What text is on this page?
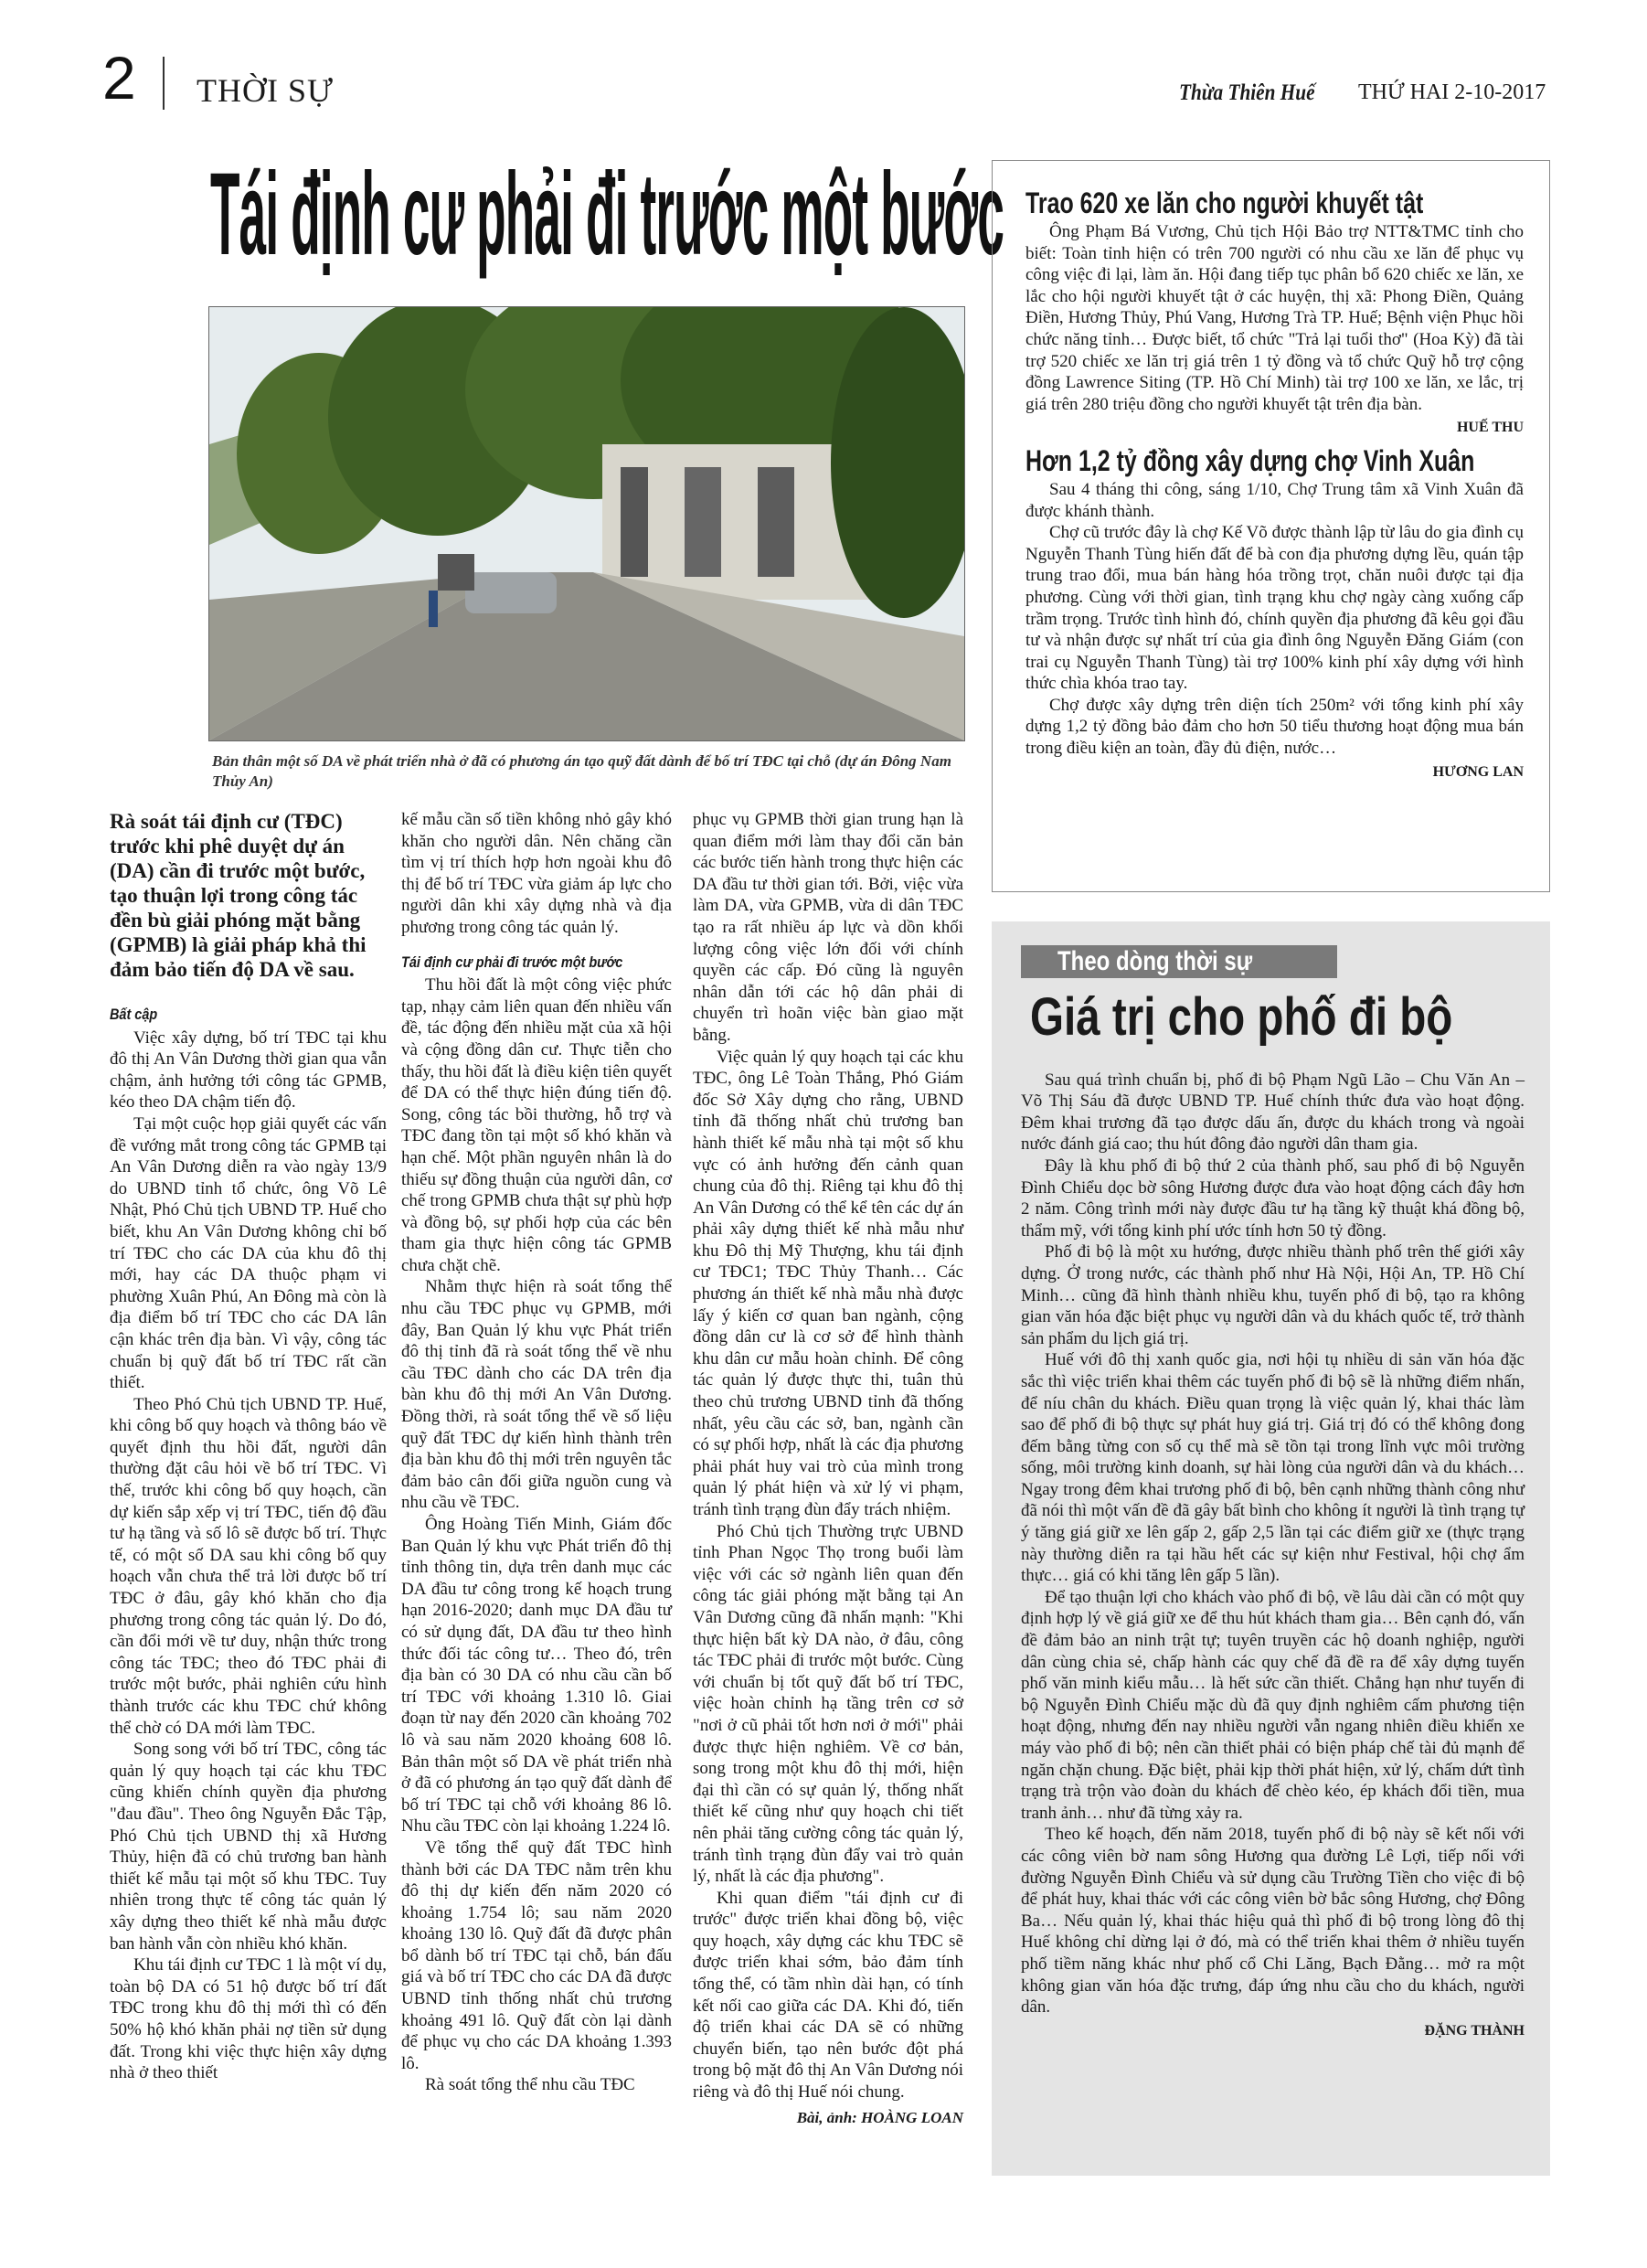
2 THỜI SỰ	Thừa Thiên Huế THỨ HAI 2-10-2017
Tái định cư phải đi trước một bước
Bản thân một số DA về phát triển nhà ở đã có phương án tạo quỹ đất dành để bố trí TĐC tại chỗ (dự án Đông Nam Thủy An)
Rà soát tái định cư (TĐC) trước khi phê duyệt dự án (DA) cần đi trước một bước, tạo thuận lợi trong công tác đền bù giải phóng mặt bằng (GPMB) là giải pháp khả thi đảm bảo tiến độ DA về sau.
Bất cập

Việc xây dựng, bố trí TĐC tại khu đô thị An Vân Dương thời gian qua vẫn chậm, ảnh hưởng tới công tác GPMB, kéo theo DA chậm tiến độ.

Tại một cuộc họp giải quyết các vấn đề vướng mắt trong công tác GPMB tại An Vân Dương diễn ra vào ngày 13/9 do UBND tỉnh tổ chức, ông Võ Lê Nhật, Phó Chủ tịch UBND TP. Huế cho biết, khu An Vân Dương không chỉ bố trí TĐC cho các DA của khu đô thị mới, hay các DA thuộc phạm vi phường Xuân Phú, An Đông mà còn là địa điểm bố trí TĐC cho các DA lân cận khác trên địa bàn. Vì vậy, công tác chuẩn bị quỹ đất bố trí TĐC rất cần thiết.

Theo Phó Chủ tịch UBND TP. Huế, khi công bố quy hoạch và thông báo về quyết định thu hồi đất, người dân thường đặt câu hỏi về bố trí TĐC. Vì thế, trước khi công bố quy hoạch, cần dự kiến sắp xếp vị trí TĐC, tiến độ đầu tư hạ tầng và số lô sẽ được bố trí. Thực tế, có một số DA sau khi công bố quy hoạch vẫn chưa thể trả lời được bố trí TĐC ở đâu, gây khó khăn cho địa phương trong công tác quản lý. Do đó, cần đổi mới về tư duy, nhận thức trong công tác TĐC; theo đó TĐC phải đi trước một bước, phải nghiên cứu hình thành trước các khu TĐC chứ không thể chờ có DA mới làm TĐC.

Song song với bố trí TĐC, công tác quản lý quy hoạch tại các khu TĐC cũng khiến chính quyền địa phương "đau đầu". Theo ông Nguyễn Đắc Tập, Phó Chủ tịch UBND thị xã Hương Thủy, hiện đã có chủ trương ban hành thiết kế mẫu tại một số khu TĐC. Tuy nhiên trong thực tế công tác quản lý xây dựng theo thiết kế nhà mẫu được ban hành vẫn còn nhiều khó khăn.

Khu tái định cư TĐC 1 là một ví dụ, toàn bộ DA có 51 hộ được bố trí đất TĐC trong khu đô thị mới thì có đến 50% hộ khó khăn phải nợ tiền sử dụng đất. Trong khi việc thực hiện xây dựng nhà ở theo thiết

kế mẫu cần số tiền không nhỏ gây khó khăn cho người dân. Nên chăng cần tìm vị trí thích hợp hơn ngoài khu đô thị để bố trí TĐC vừa giảm áp lực cho người dân khi xây dựng nhà và địa phương trong công tác quản lý.

Tái định cư phải đi trước một bước

Thu hồi đất là một công việc phức tạp, nhạy cảm liên quan đến nhiều vấn đề, tác động đến nhiều mặt của xã hội và cộng đồng dân cư. Thực tiễn cho thấy, thu hồi đất là điều kiện tiên quyết để DA có thể thực hiện đúng tiến độ. Song, công tác bồi thường, hỗ trợ và TĐC đang tồn tại một số khó khăn và hạn chế. Một phần nguyên nhân là do thiếu sự đồng thuận của người dân, cơ chế trong GPMB chưa thật sự phù hợp và đồng bộ, sự phối hợp của các bên tham gia thực hiện công tác GPMB chưa chặt chẽ.

Nhằm thực hiện rà soát tổng thể nhu cầu TĐC phục vụ GPMB, mới đây, Ban Quản lý khu vực Phát triển đô thị tỉnh đã rà soát tổng thể về nhu cầu TĐC dành cho các DA trên địa bàn khu đô thị mới An Vân Dương. Đồng thời, rà soát tổng thể về số liệu quỹ đất TĐC dự kiến hình thành trên địa bàn khu đô thị mới trên nguyên tắc đảm bảo cân đối giữa nguồn cung và nhu cầu về TĐC.

Ông Hoàng Tiến Minh, Giám đốc Ban Quản lý khu vực Phát triển đô thị tỉnh thông tin, dựa trên danh mục các DA đầu tư công trong kế hoạch trung hạn 2016-2020; danh mục DA đầu tư có sử dụng đất, DA đầu tư theo hình thức đối tác công tư… Theo đó, trên địa bàn có 30 DA có nhu cầu cần bố trí TĐC với khoảng 1.310 lô. Giai đoạn từ nay đến 2020 cần khoảng 702 lô và sau năm 2020 khoảng 608 lô. Bản thân một số DA về phát triển nhà ở đã có phương án tạo quỹ đất dành để bố trí TĐC tại chỗ với khoảng 86 lô. Nhu cầu TĐC còn lại khoảng 1.224 lô.

Về tổng thể quỹ đất TĐC hình thành bởi các DA TĐC nằm trên khu đô thị dự kiến đến năm 2020 có khoảng 1.754 lô; sau năm 2020 khoảng 130 lô. Quỹ đất đã được phân bổ dành bố trí TĐC tại chỗ, bán đấu giá và bố trí TĐC cho các DA đã được UBND tỉnh thống nhất chủ trương khoảng 491 lô. Quỹ đất còn lại dành để phục vụ cho các DA khoảng 1.393 lô.

Rà soát tổng thể nhu cầu TĐC

phục vụ GPMB thời gian trung hạn là quan điểm mới làm thay đổi căn bản các bước tiến hành trong thực hiện các DA đầu tư thời gian tới. Bởi, việc vừa làm DA, vừa GPMB, vừa di dân TĐC tạo ra rất nhiều áp lực và dồn khối lượng công việc lớn đối với chính quyền các cấp. Đó cũng là nguyên nhân dẫn tới các hộ dân phải di chuyển trì hoãn việc bàn giao mặt bằng.

Việc quản lý quy hoạch tại các khu TĐC, ông Lê Toàn Thắng, Phó Giám đốc Sở Xây dựng cho rằng, UBND tỉnh đã thống nhất chủ trương ban hành thiết kế mẫu nhà tại một số khu vực có ảnh hưởng đến cảnh quan chung của đô thị. Riêng tại khu đô thị An Vân Dương có thể kể tên các dự án phải xây dựng thiết kế nhà mẫu như khu Đô thị Mỹ Thượng, khu tái định cư TĐC1; TĐC Thủy Thanh… Các phương án thiết kế nhà mẫu nhà được lấy ý kiến cơ quan ban ngành, cộng đồng dân cư là cơ sở để hình thành khu dân cư mẫu hoàn chỉnh. Để công tác quản lý được thực thi, tuân thủ theo chủ trương UBND tỉnh đã thống nhất, yêu cầu các sở, ban, ngành cần có sự phối hợp, nhất là các địa phương phải phát huy vai trò của mình trong quản lý phát hiện và xử lý vi phạm, tránh tình trạng đùn đẩy trách nhiệm.

Phó Chủ tịch Thường trực UBND tỉnh Phan Ngọc Thọ trong buổi làm việc với các sở ngành liên quan đến công tác giải phóng mặt bằng tại An Vân Dương cũng đã nhấn mạnh: "Khi thực hiện bất kỳ DA nào, ở đâu, công tác TĐC phải đi trước một bước. Cùng với chuẩn bị tốt quỹ đất bố trí TĐC, việc hoàn chỉnh hạ tầng trên cơ sở "nơi ở cũ phải tốt hơn nơi ở mới" phải được thực hiện nghiêm. Về cơ bản, song trong một khu đô thị mới, hiện đại thì cần có sự quản lý, thống nhất thiết kế cũng như quy hoạch chi tiết nên phải tăng cường công tác quản lý, tránh tình trạng đùn đẩy vai trò quản lý, nhất là các địa phương".

Khi quan điểm "tái định cư đi trước" được triển khai đồng bộ, việc quy hoạch, xây dựng các khu TĐC sẽ được triển khai sớm, bảo đảm tính tổng thể, có tầm nhìn dài hạn, có tính kết nối cao giữa các DA. Khi đó, tiến độ triển khai các DA sẽ có những chuyển biến, tạo nên bước đột phá trong bộ mặt đô thị An Vân Dương nói riêng và đô thị Huế nói chung.

Bài, ảnh: HOÀNG LOAN
Trao 620 xe lăn cho người khuyết tật

Ông Phạm Bá Vương, Chủ tịch Hội Bảo trợ NTT&TMC tỉnh cho biết: Toàn tỉnh hiện có trên 700 người có nhu cầu xe lăn để phục vụ công việc đi lại, làm ăn. Hội đang tiếp tục phân bổ 620 chiếc xe lăn, xe lắc cho hội người khuyết tật ở các huyện, thị xã: Phong Điền, Quảng Điền, Hương Thủy, Phú Vang, Hương Trà TP. Huế; Bệnh viện Phục hồi chức năng tỉnh… Được biết, tổ chức "Trả lại tuổi thơ" (Hoa Kỳ) đã tài trợ 520 chiếc xe lăn trị giá trên 1 tỷ đồng và tổ chức Quỹ hỗ trợ cộng đồng Lawrence Siting (TP. Hồ Chí Minh) tài trợ 100 xe lăn, xe lắc, trị giá trên 280 triệu đồng cho người khuyết tật trên địa bàn.

HUẾ THU
Hơn 1,2 tỷ đồng xây dựng chợ Vinh Xuân

Sau 4 tháng thi công, sáng 1/10, Chợ Trung tâm xã Vinh Xuân đã được khánh thành.

Chợ cũ trước đây là chợ Kế Võ được thành lập từ lâu do gia đình cụ Nguyễn Thanh Tùng hiến đất để bà con địa phương dựng lều, quán tập trung trao đổi, mua bán hàng hóa trồng trọt, chăn nuôi được tại địa phương. Cùng với thời gian, tình trạng khu chợ ngày càng xuống cấp trầm trọng. Trước tình hình đó, chính quyền địa phương đã kêu gọi đầu tư và nhận được sự nhất trí của gia đình ông Nguyễn Đăng Giám (con trai cụ Nguyễn Thanh Tùng) tài trợ 100% kinh phí xây dựng với hình thức chìa khóa trao tay.

Chợ được xây dựng trên diện tích 250m² với tổng kinh phí xây dựng 1,2 tỷ đồng bảo đảm cho hơn 50 tiểu thương hoạt động mua bán trong điều kiện an toàn, đầy đủ điện, nước…

HƯƠNG LAN
Theo dòng thời sự
Giá trị cho phố đi bộ

Sau quá trình chuẩn bị, phố đi bộ Phạm Ngũ Lão – Chu Văn An – Võ Thị Sáu đã được UBND TP. Huế chính thức đưa vào hoạt động. Đêm khai trương đã tạo được dấu ấn, được du khách trong và ngoài nước đánh giá cao; thu hút đông đảo người dân tham gia.

Đây là khu phố đi bộ thứ 2 của thành phố, sau phố đi bộ Nguyễn Đình Chiểu dọc bờ sông Hương được đưa vào hoạt động cách đây hơn 2 năm. Công trình mới này được đầu tư hạ tầng kỹ thuật khá đồng bộ, thẩm mỹ, với tổng kinh phí ước tính hơn 50 tỷ đồng.

Phố đi bộ là một xu hướng, được nhiều thành phố trên thế giới xây dựng. Ở trong nước, các thành phố như Hà Nội, Hội An, TP. Hồ Chí Minh… cũng đã hình thành nhiều khu, tuyến phố đi bộ, tạo ra không gian văn hóa đặc biệt phục vụ người dân và du khách quốc tế, trở thành sản phẩm du lịch giá trị.

Huế với đô thị xanh quốc gia, nơi hội tụ nhiều di sản văn hóa đặc sắc thì việc triển khai thêm các tuyến phố đi bộ sẽ là những điểm nhấn, để níu chân du khách. Điều quan trọng là việc quản lý, khai thác làm sao để phố đi bộ thực sự phát huy giá trị. Giá trị đó có thể không đong đếm bằng từng con số cụ thể mà sẽ tồn tại trong lĩnh vực môi trường sống, môi trường kinh doanh, sự hài lòng của người dân và du khách… Ngay trong đêm khai trương phố đi bộ, bên cạnh những thành công như đã nói thì một vấn đề đã gây bất bình cho không ít người là tình trạng tự ý tăng giá giữ xe lên gấp 2, gấp 2,5 lần tại các điểm giữ xe (thực trạng này thường diễn ra tại hầu hết các sự kiện như Festival, hội chợ ẩm thực… giá có khi tăng lên gấp 5 lần).

Để tạo thuận lợi cho khách vào phố đi bộ, về lâu dài cần có một quy định hợp lý về giá giữ xe để thu hút khách tham gia… Bên cạnh đó, vấn đề đảm bảo an ninh trật tự; tuyên truyền các hộ doanh nghiệp, người dân cùng chia sẻ, chấp hành các quy chế đã đề ra để xây dựng tuyến phố văn minh kiểu mẫu… là hết sức cần thiết. Chẳng hạn như tuyến đi bộ Nguyễn Đình Chiểu mặc dù đã quy định nghiêm cấm phương tiện hoạt động, nhưng đến nay nhiều người vẫn ngang nhiên điều khiển xe máy vào phố đi bộ; nên cần thiết phải có biện pháp chế tài đủ mạnh để ngăn chặn chung. Đặc biệt, phải kịp thời phát hiện, xử lý, chấm dứt tình trạng trà trộn vào đoàn du khách để chèo kéo, ép khách đổi tiền, mua tranh ảnh… như đã từng xảy ra.

Theo kế hoạch, đến năm 2018, tuyến phố đi bộ này sẽ kết nối với các công viên bờ nam sông Hương qua đường Lê Lợi, tiếp nối với đường Nguyễn Đình Chiểu và sử dụng cầu Trường Tiền cho việc đi bộ để phát huy, khai thác với các công viên bờ bắc sông Hương, chợ Đông Ba… Nếu quản lý, khai thác hiệu quả thì phố đi bộ trong lòng đô thị Huế không chỉ dừng lại ở đó, mà có thể triển khai thêm ở nhiều tuyến phố tiềm năng khác như phố cổ Chi Lăng, Bạch Đằng… mở ra một không gian văn hóa đặc trưng, đáp ứng nhu cầu cho du khách, người dân.

ĐẶNG THÀNH
